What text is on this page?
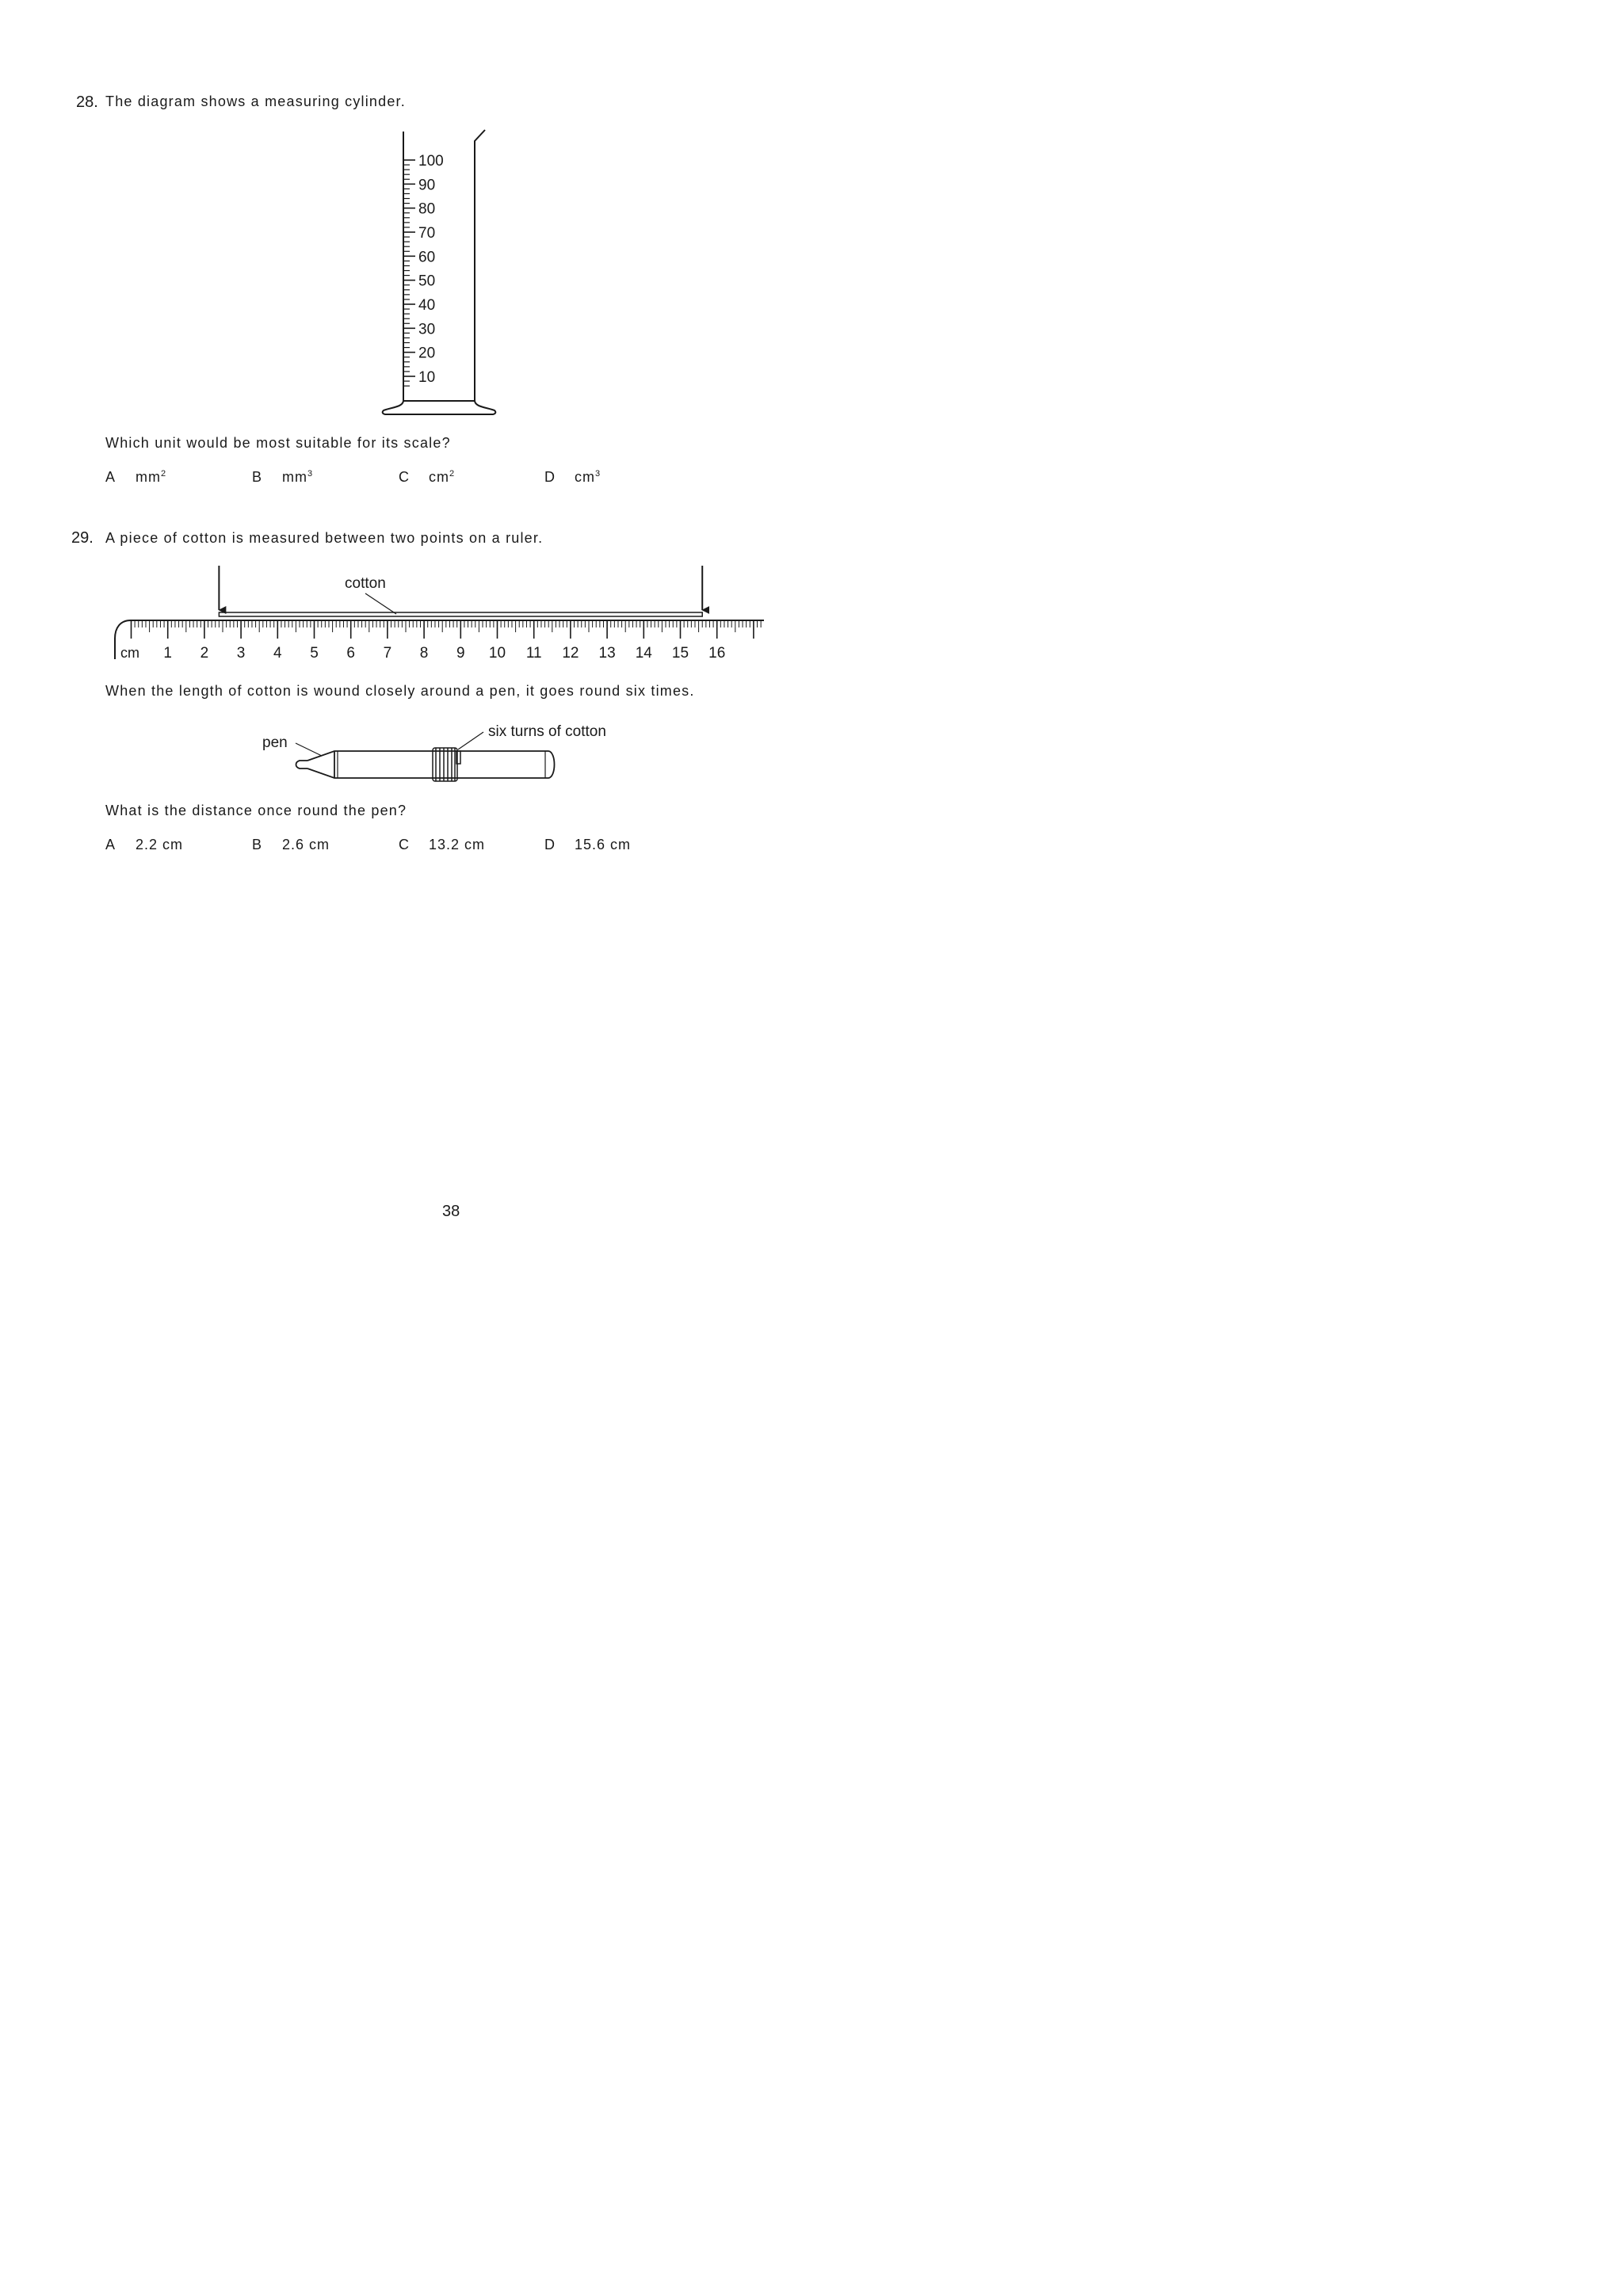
28. The diagram shows a measuring cylinder.
100
90
80
70
60
50
40
30
20
10
Which unit would be most suitable for its scale?
A $mm^2$	B $mm^3$	C $cm^2$	D $cm^3$
29. A piece of cotton is measured between two points on a ruler.
1 2 3 4 5 6 7 8 9 10 11 12 13 14 15 16
cm
cotton
When the length of cotton is wound closely around a pen, it goes round six times.
pen
six turns of cotton
What is the distance once round the pen?
A 2.2 cm	B 2.6 cm	C 13.2 cm	D 15.6 cm
38
